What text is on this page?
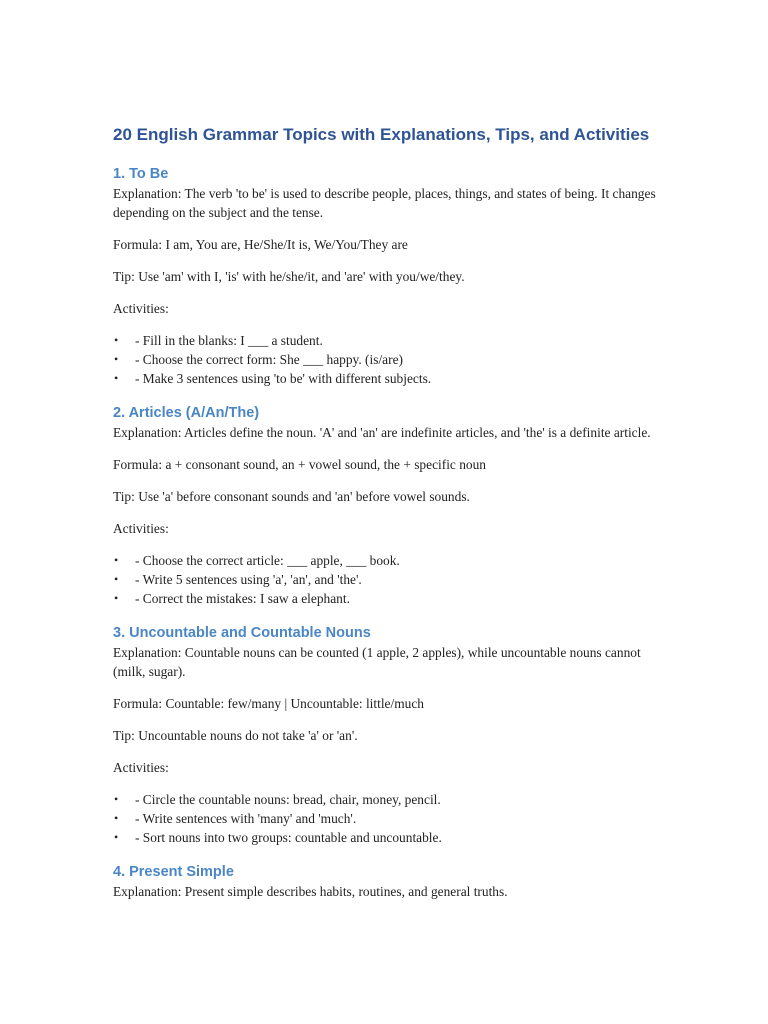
20 English Grammar Topics with Explanations, Tips, and Activities
1. To Be

Explanation: The verb 'to be' is used to describe people, places, things, and states of being. It changes depending on the subject and the tense.

Formula: I am, You are, He/She/It is, We/You/They are

Tip: Use 'am' with I, 'is' with he/she/it, and 'are' with you/we/they.

Activities:

• - Fill in the blanks: I ___ a student.
• - Choose the correct form: She ___ happy. (is/are)
• - Make 3 sentences using 'to be' with different subjects.
2. Articles (A/An/The)

Explanation: Articles define the noun. 'A' and 'an' are indefinite articles, and 'the' is a definite article.

Formula: a + consonant sound, an + vowel sound, the + specific noun

Tip: Use 'a' before consonant sounds and 'an' before vowel sounds.

Activities:

• - Choose the correct article: ___ apple, ___ book.
• - Write 5 sentences using 'a', 'an', and 'the'.
• - Correct the mistakes: I saw a elephant.
3. Uncountable and Countable Nouns

Explanation: Countable nouns can be counted (1 apple, 2 apples), while uncountable nouns cannot (milk, sugar).

Formula: Countable: few/many | Uncountable: little/much

Tip: Uncountable nouns do not take 'a' or 'an'.

Activities:

• - Circle the countable nouns: bread, chair, money, pencil.
• - Write sentences with 'many' and 'much'.
• - Sort nouns into two groups: countable and uncountable.
4. Present Simple

Explanation: Present simple describes habits, routines, and general truths.
